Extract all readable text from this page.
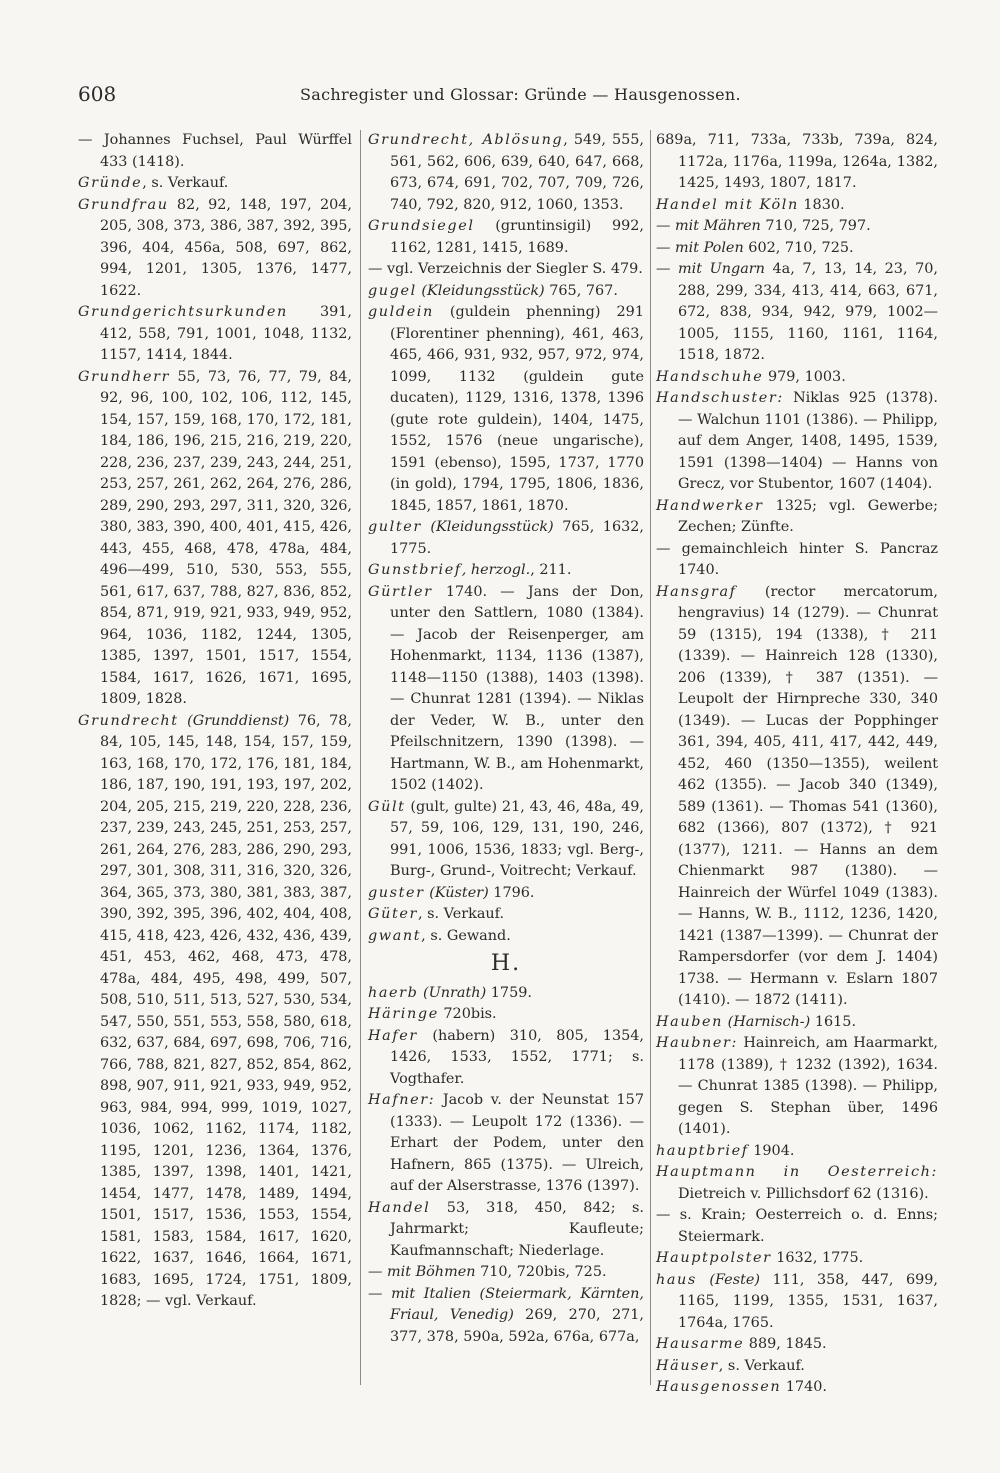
608	Sachregister und Glossar: Gründe — Hausgenossen.

— Johannes Fuchsel, Paul Würffel 433 (1418).

Gründe, s. Verkauf.

Grundfrau 82, 92, 148, 197, 204, 205, 308, 373, 386, 387, 392, 395, 396, 404, 456a, 508, 697, 862, 994, 1201, 1305, 1376, 1477, 1622.

Grundgerichtsurkunden 391, 412, 558, 791, 1001, 1048, 1132, 1157, 1414, 1844.

Grundherr 55, 73, 76, 77, 79, 84, 92, 96, 100, 102, 106, 112, 145, 154, 157, 159, 168, 170, 172, 181, 184, 186, 196, 215, 216, 219, 220, 228, 236, 237, 239, 243, 244, 251, 253, 257, 261, 262, 264, 276, 286, 289, 290, 293, 297, 311, 320, 326, 380, 383, 390, 400, 401, 415, 426, 443, 455, 468, 478, 478a, 484, 496—499, 510, 530, 553, 555, 561, 617, 637, 788, 827, 836, 852, 854, 871, 919, 921, 933, 949, 952, 964, 1036, 1182, 1244, 1305, 1385, 1397, 1501, 1517, 1554, 1584, 1617, 1626, 1671, 1695, 1809, 1828.

Grundrecht (Grunddienst) 76, 78, 84, 105, 145, 148, 154, 157, 159, 163, 168, 170, 172, 176, 181, 184, 186, 187, 190, 191, 193, 197, 202, 204, 205, 215, 219, 220, 228, 236, 237, 239, 243, 245, 251, 253, 257, 261, 264, 276, 283, 286, 290, 293, 297, 301, 308, 311, 316, 320, 326, 364, 365, 373, 380, 381, 383, 387, 390, 392, 395, 396, 402, 404, 408, 415, 418, 423, 426, 432, 436, 439, 451, 453, 462, 468, 473, 478, 478a, 484, 495, 498, 499, 507, 508, 510, 511, 513, 527, 530, 534, 547, 550, 551, 553, 558, 580, 618, 632, 637, 684, 697, 698, 706, 716, 766, 788, 821, 827, 852, 854, 862, 898, 907, 911, 921, 933, 949, 952, 963, 984, 994, 999, 1019, 1027, 1036, 1062, 1162, 1174, 1182, 1195, 1201, 1236, 1364, 1376, 1385, 1397, 1398, 1401, 1421, 1454, 1477, 1478, 1489, 1494, 1501, 1517, 1536, 1553, 1554, 1581, 1583, 1584, 1617, 1620, 1622, 1637, 1646, 1664, 1671, 1683, 1695, 1724, 1751, 1809, 1828; — vgl. Verkauf.

Grundrecht, Ablösung, 549, 555, 561, 562, 606, 639, 640, 647, 668, 673, 674, 691, 702, 707, 709, 726, 740, 792, 820, 912, 1060, 1353.

Grundsiegel (gruntinsigil) 992, 1162, 1281, 1415, 1689.

— vgl. Verzeichnis der Siegler S. 479.

gugel (Kleidungsstück) 765, 767.

guldein (guldein phenning) 291 (Florentiner phenning), 461, 463, 465, 466, 931, 932, 957, 972, 974, 1099, 1132 (guldein gute ducaten), 1129, 1316, 1378, 1396 (gute rote guldein), 1404, 1475, 1552, 1576 (neue ungarische), 1591 (ebenso), 1595, 1737, 1770 (in gold), 1794, 1795, 1806, 1836, 1845, 1857, 1861, 1870.

gulter (Kleidungsstück) 765, 1632, 1775.

Gunstbrief, herzogl., 211.

Gürtler 1740. — Jans der Don, unter den Sattlern, 1080 (1384). — Jacob der Reisenperger, am Hohenmarkt, 1134, 1136 (1387), 1148—1150 (1388), 1403 (1398). — Chunrat 1281 (1394). — Niklas der Veder, W. B., unter den Pfeilschnitzern, 1390 (1398). — Hartmann, W. B., am Hohenmarkt, 1502 (1402).

Gült (gult, gulte) 21, 43, 46, 48a, 49, 57, 59, 106, 129, 131, 190, 246, 991, 1006, 1536, 1833; vgl. Berg-, Burg-, Grund-, Voitrecht; Verkauf.

guster (Küster) 1796.

Güter, s. Verkauf.

gwant, s. Gewand.

H.

haerb (Unrath) 1759.

Häringe 720bis.

Hafer (habern) 310, 805, 1354, 1426, 1533, 1552, 1771; s. Vogthafer.

Hafner: Jacob v. der Neunstat 157 (1333). — Leupolt 172 (1336). — Erhart der Podem, unter den Hafnern, 865 (1375). — Ulreich, auf der Alserstrasse, 1376 (1397).

Handel 53, 318, 450, 842; s. Jahrmarkt; Kaufleute; Kaufmannschaft; Niederlage.

— mit Böhmen 710, 720bis, 725.

— mit Italien (Steiermark, Kärnten, Friaul, Venedig) 269, 270, 271, 377, 378, 590a, 592a, 676a, 677a,

689a, 711, 733a, 733b, 739a, 824, 1172a, 1176a, 1199a, 1264a, 1382, 1425, 1493, 1807, 1817.

Handel mit Köln 1830.

— mit Mähren 710, 725, 797.

— mit Polen 602, 710, 725.

— mit Ungarn 4a, 7, 13, 14, 23, 70, 288, 299, 334, 413, 414, 663, 671, 672, 838, 934, 942, 979, 1002—1005, 1155, 1160, 1161, 1164, 1518, 1872.

Handschuhe 979, 1003.

Handschuster: Niklas 925 (1378). — Walchun 1101 (1386). — Philipp, auf dem Anger, 1408, 1495, 1539, 1591 (1398—1404) — Hanns von Grecz, vor Stubentor, 1607 (1404).

Handwerker 1325; vgl. Gewerbe; Zechen; Zünfte.

— gemainchleich hinter S. Pancraz 1740.

Hansgraf (rector mercatorum, hengravius) 14 (1279). — Chunrat 59 (1315), 194 (1338), † 211 (1339). — Hainreich 128 (1330), 206 (1339), † 387 (1351). — Leupolt der Hirnpreche 330, 340 (1349). — Lucas der Popphinger 361, 394, 405, 411, 417, 442, 449, 452, 460 (1350—1355), weilent 462 (1355). — Jacob 340 (1349), 589 (1361). — Thomas 541 (1360), 682 (1366), 807 (1372), † 921 (1377), 1211. — Hanns an dem Chienmarkt 987 (1380). — Hainreich der Würfel 1049 (1383). — Hanns, W. B., 1112, 1236, 1420, 1421 (1387—1399). — Chunrat der Rampersdorfer (vor dem J. 1404) 1738. — Hermann v. Eslarn 1807 (1410). — 1872 (1411).

Hauben (Harnisch-) 1615.

Haubner: Hainreich, am Haarmarkt, 1178 (1389), † 1232 (1392), 1634. — Chunrat 1385 (1398). — Philipp, gegen S. Stephan über, 1496 (1401).

hauptbrief 1904.

Hauptmann in Oesterreich: Dietreich v. Pillichsdorf 62 (1316).

— s. Krain; Oesterreich o. d. Enns; Steiermark.

Hauptpolster 1632, 1775.

haus (Feste) 111, 358, 447, 699, 1165, 1199, 1355, 1531, 1637, 1764a, 1765.

Hausarme 889, 1845.

Häuser, s. Verkauf.

Hausgenossen 1740.
